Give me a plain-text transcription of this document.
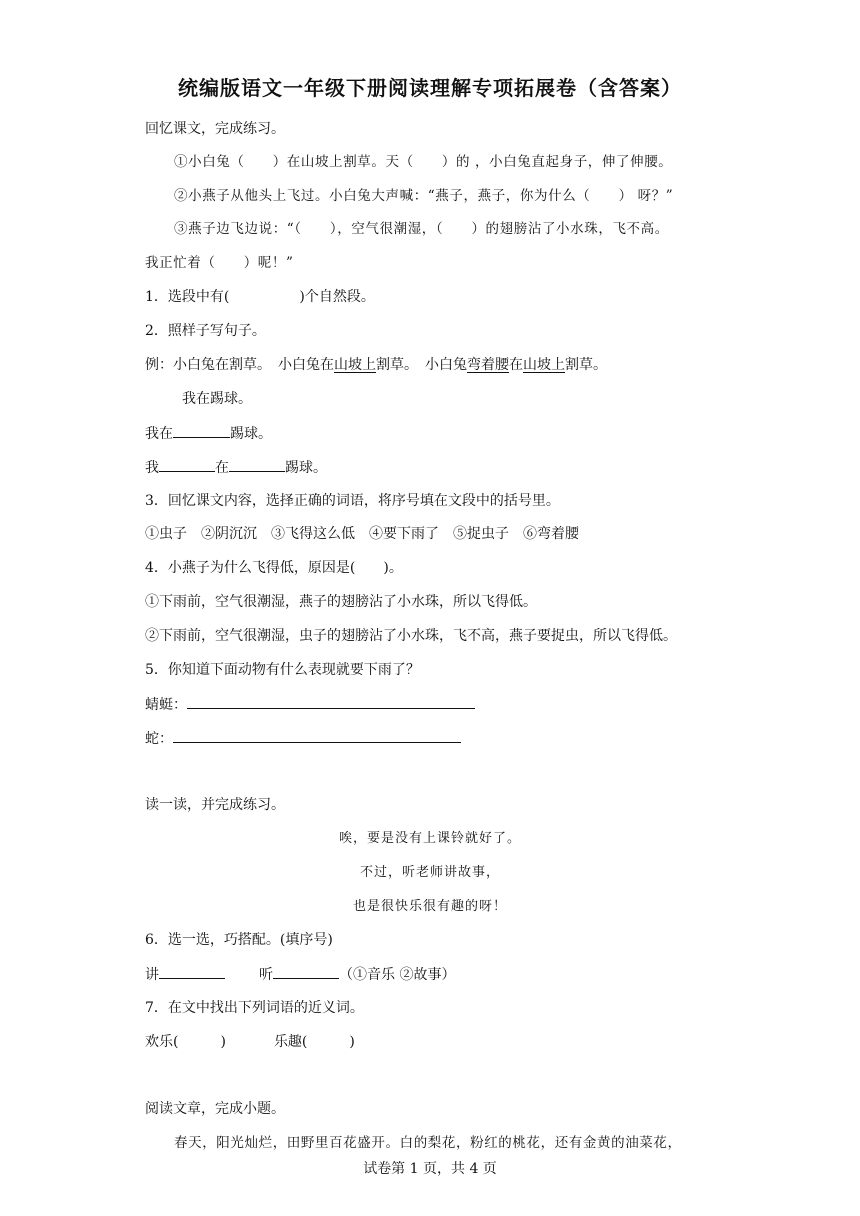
统编版语文一年级下册阅读理解专项拓展卷（含答案）
回忆课文，完成练习。
①小白兔（　　）在山坡上割草。天（　　）的 ，小白兔直起身子，伸了伸腰。
②小燕子从他头上飞过。小白兔大声喊：“燕子，燕子，你为什么（　　） 呀？”
③燕子边飞边说：“（　　），空气很潮湿，（　　）的翅膀沾了小水珠，飞不高。
我正忙着（　　）呢！”
1．选段中有(　　　　　)个自然段。
2．照样子写句子。
例：小白兔在割草。　小白兔在山坡上割草。　小白兔弯着腰在山坡上割草。
我在踢球。
我在	踢球。
我	在	踢球。
3．回忆课文内容，选择正确的词语，将序号填在文段中的括号里。
①虫子　②阴沉沉　③飞得这么低　④要下雨了　⑤捉虫子　⑥弯着腰
4．小燕子为什么飞得低，原因是(　　)。
①下雨前，空气很潮湿，燕子的翅膀沾了小水珠，所以飞得低。
②下雨前，空气很潮湿，虫子的翅膀沾了小水珠，飞不高，燕子要捉虫，所以飞得低。
5．你知道下面动物有什么表现就要下雨了？
蜻蜓：
蛇：
读一读，并完成练习。
唉，要是没有上课铃就好了。
不过，听老师讲故事，
也是很快乐很有趣的呀！
6．选一选，巧搭配。(填序号)
讲	听	（①音乐 ②故事）
7．在文中找出下列词语的近义词。
欢乐(　　　)	乐趣(　　　)
阅读文章，完成小题。
春天，阳光灿烂，田野里百花盛开。白的梨花，粉红的桃花，还有金黄的油菜花，
试卷第 1 页，共 4 页
